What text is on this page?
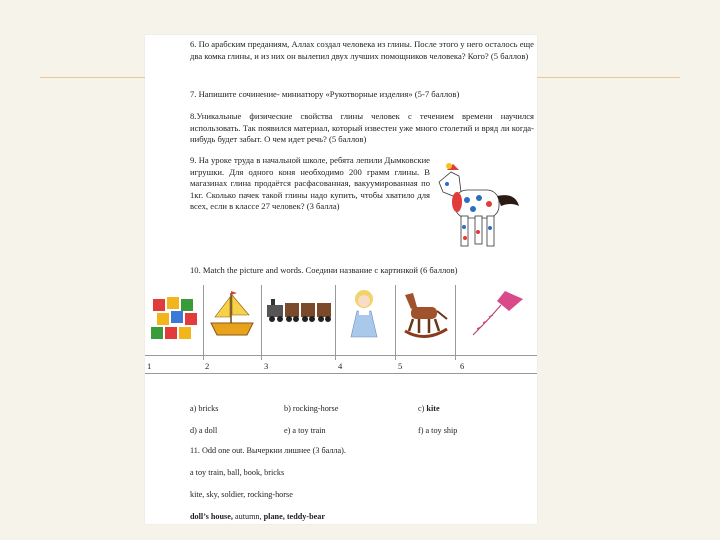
6. По арабским преданиям, Аллах создал человека из глины. После этого у него осталось еще два комка глины, и из них он вылепил двух лучших помощников человека? Кого? (5 баллов)
7. Напишите сочинение- миниатюру «Рукотворные изделия» (5-7 баллов)
8.Уникальные физические свойства глины человек с течением времени научился использовать. Так появился материал, который известен уже много столетий и вряд ли когда-нибудь будет забыт. О чем идет речь? (5 баллов)
9. На уроке труда в начальной школе, ребята лепили Дымковские игрушки. Для одного коня необходимо 200 грамм глины. В магазинах глина продаётся расфасованная, вакуумированная по 1кг. Сколько пачек такой глины надо купить, чтобы хватило для всех, если в классе 27 человек? (3 балла)
10. Match the picture and words. Соедини название с картинкой (6 баллов)
1	2	3	4	5	6
a) bricks	b) rocking-horse	c) kite
d) a doll	e) a toy train	f) a toy ship
11. Odd one out. Вычеркни лишнее (3 балла).
a toy train, ball, book, bricks
kite, sky, soldier, rocking-horse
doll’s house, autumn, plane, teddy-bear
